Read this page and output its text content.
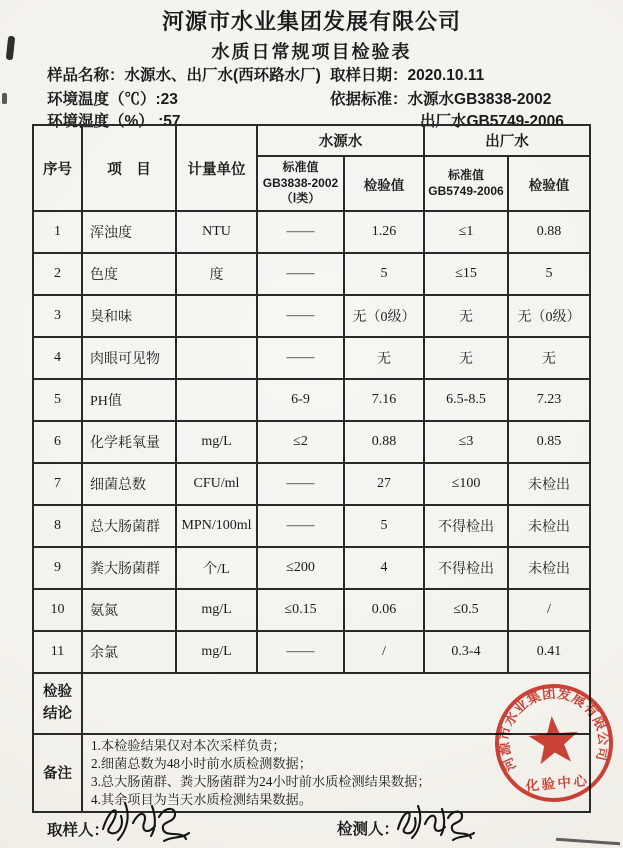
河源市水业集团发展有限公司
水质日常规项目检验表
样品名称：水源水、出厂水(西环路水厂) 取样日期：2020.10.11
环境温度（℃）:23	依据标准：水源水GB3838-2002
环境湿度（%） :57	出厂水GB5749-2006
序号	项　目	计量单位	水源水		出厂水	

标准值
GB3838-2002
（Ⅰ类）
	检验值	
标准值
GB5749-2006	检验值
1	浑浊度	NTU	——	1.26	≤1	0.88
2	色度	度	——	5	≤15	5
3	臭和味		——	无（0级）	无	无（0级）
4	肉眼可见物		——	无	无	无
5	PH值		6-9	7.16	6.5-8.5	7.23
6	化学耗氧量	mg/L	≤2	0.88	≤3	0.85
7	细菌总数	CFU/ml	——	27	≤100	未检出
8	总大肠菌群	MPN/100ml	——	5	不得检出	未检出
9	粪大肠菌群	个/L	≤200	4	不得检出	未检出
10	氨氮	mg/L	≤0.15	0.06	≤0.5	/
11	余氯	mg/L	——	/	0.3-4	0.41

检验
结论						

备注	1.本检验结果仅对本次采样负责；
2.细菌总数为48小时前水质检测数据；
3.总大肠菌群、粪大肠菌群为24小时前水质检测结果数据；
4.其余项目为当天水质检测结果数据。					
取样人：	检测人：
河源市水业集团发展有限公司
化验中心
